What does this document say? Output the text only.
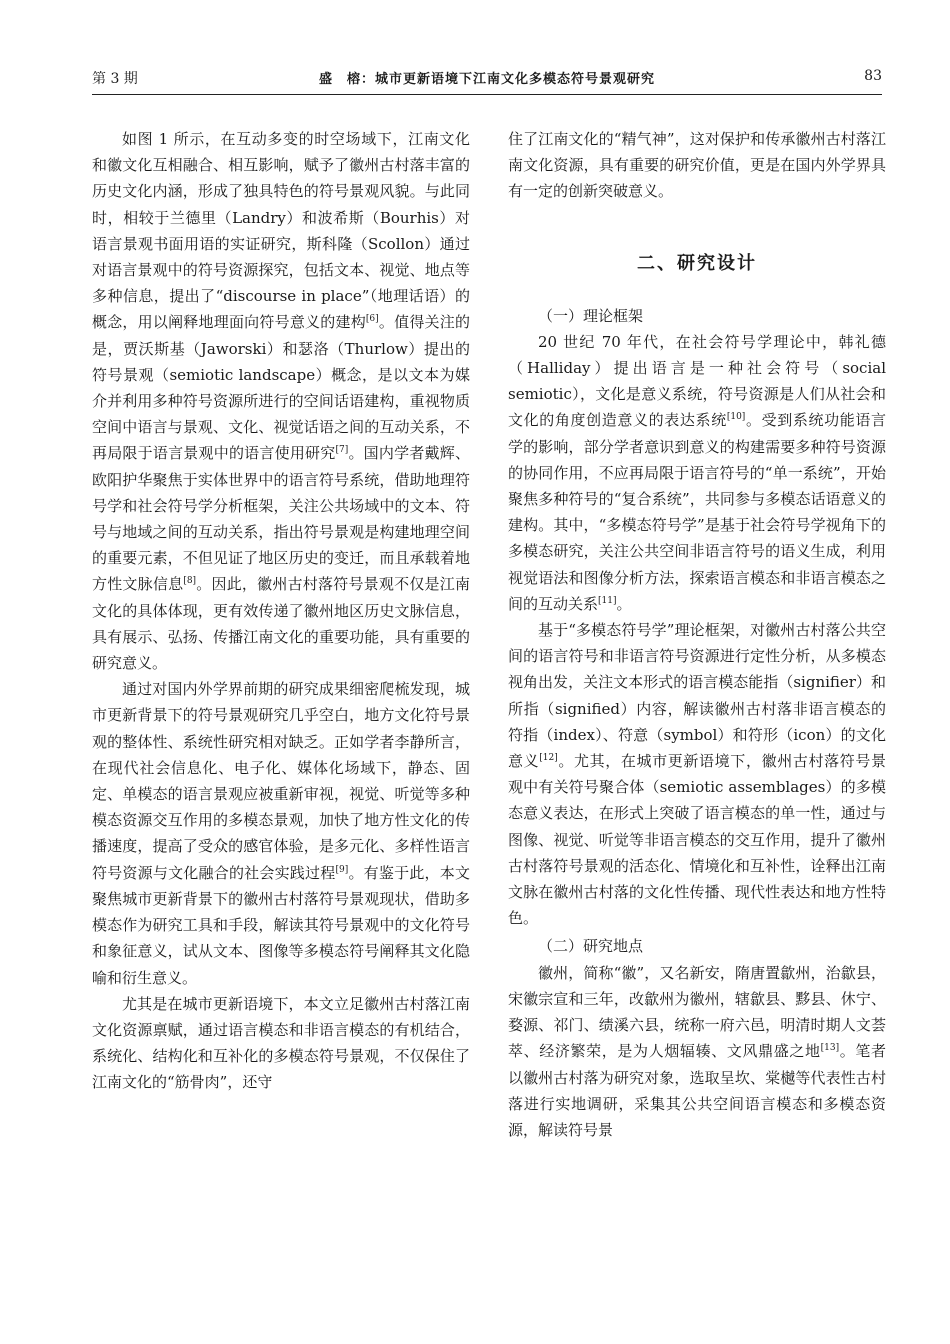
第 3 期	盛　榕：城市更新语境下江南文化多模态符号景观研究	83

如图 1 所示，在互动多变的时空场域下，江南文化和徽文化互相融合、相互影响，赋予了徽州古村落丰富的历史文化内涵，形成了独具特色的符号景观风貌。与此同时，相较于兰德里（Landry）和波希斯（Bourhis）对语言景观书面用语的实证研究，斯科隆（Scollon）通过对语言景观中的符号资源探究，包括文本、视觉、地点等多种信息，提出了“discourse in place”（地理话语）的概念，用以阐释地理面向符号意义的建构[6]。值得关注的是，贾沃斯基（Jaworski）和瑟洛（Thurlow）提出的符号景观（semiotic landscape）概念，是以文本为媒介并利用多种符号资源所进行的空间话语建构，重视物质空间中语言与景观、文化、视觉话语之间的互动关系，不再局限于语言景观中的语言使用研究[7]。国内学者戴辉、欧阳护华聚焦于实体世界中的语言符号系统，借助地理符号学和社会符号学分析框架，关注公共场域中的文本、符号与地域之间的互动关系，指出符号景观是构建地理空间的重要元素，不但见证了地区历史的变迁，而且承载着地方性文脉信息[8]。因此，徽州古村落符号景观不仅是江南文化的具体体现，更有效传递了徽州地区历史文脉信息，具有展示、弘扬、传播江南文化的重要功能，具有重要的研究意义。

通过对国内外学界前期的研究成果细密爬梳发现，城市更新背景下的符号景观研究几乎空白，地方文化符号景观的整体性、系统性研究相对缺乏。正如学者李静所言，在现代社会信息化、电子化、媒体化场域下，静态、固定、单模态的语言景观应被重新审视，视觉、听觉等多种模态资源交互作用的多模态景观，加快了地方性文化的传播速度，提高了受众的感官体验，是多元化、多样性语言符号资源与文化融合的社会实践过程[9]。有鉴于此，本文聚焦城市更新背景下的徽州古村落符号景观现状，借助多模态作为研究工具和手段，解读其符号景观中的文化符号和象征意义，试从文本、图像等多模态符号阐释其文化隐喻和衍生意义。

尤其是在城市更新语境下，本文立足徽州古村落江南文化资源禀赋，通过语言模态和非语言模态的有机结合，系统化、结构化和互补化的多模态符号景观，不仅保住了江南文化的“筋骨肉”，还守

住了江南文化的“精气神”，这对保护和传承徽州古村落江南文化资源，具有重要的研究价值，更是在国内外学界具有一定的创新突破意义。

二、研究设计
（一）理论框架

20 世纪 70 年代，在社会符号学理论中，韩礼德（Halliday）提出语言是一种社会符号（social semiotic），文化是意义系统，符号资源是人们从社会和文化的角度创造意义的表达系统[10]。受到系统功能语言学的影响，部分学者意识到意义的构建需要多种符号资源的协同作用，不应再局限于语言符号的“单一系统”，开始聚焦多种符号的“复合系统”，共同参与多模态话语意义的建构。其中，“多模态符号学”是基于社会符号学视角下的多模态研究，关注公共空间非语言符号的语义生成，利用视觉语法和图像分析方法，探索语言模态和非语言模态之间的互动关系[11]。

基于“多模态符号学”理论框架，对徽州古村落公共空间的语言符号和非语言符号资源进行定性分析，从多模态视角出发，关注文本形式的语言模态能指（signifier）和所指（signified）内容，解读徽州古村落非语言模态的符指（index）、符意（symbol）和符形（icon）的文化意义[12]。尤其，在城市更新语境下，徽州古村落符号景观中有关符号聚合体（semiotic assemblages）的多模态意义表达，在形式上突破了语言模态的单一性，通过与图像、视觉、听觉等非语言模态的交互作用，提升了徽州古村落符号景观的活态化、情境化和互补性，诠释出江南文脉在徽州古村落的文化性传播、现代性表达和地方性特色。

（二）研究地点

徽州，简称“徽”，又名新安，隋唐置歙州，治歙县，宋徽宗宣和三年，改歙州为徽州，辖歙县、黟县、休宁、婺源、祁门、绩溪六县，统称一府六邑，明清时期人文荟萃、经济繁荣，是为人烟辐辏、文风鼎盛之地[13]。笔者以徽州古村落为研究对象，选取呈坎、棠樾等代表性古村落进行实地调研，采集其公共空间语言模态和多模态资源，解读符号景
